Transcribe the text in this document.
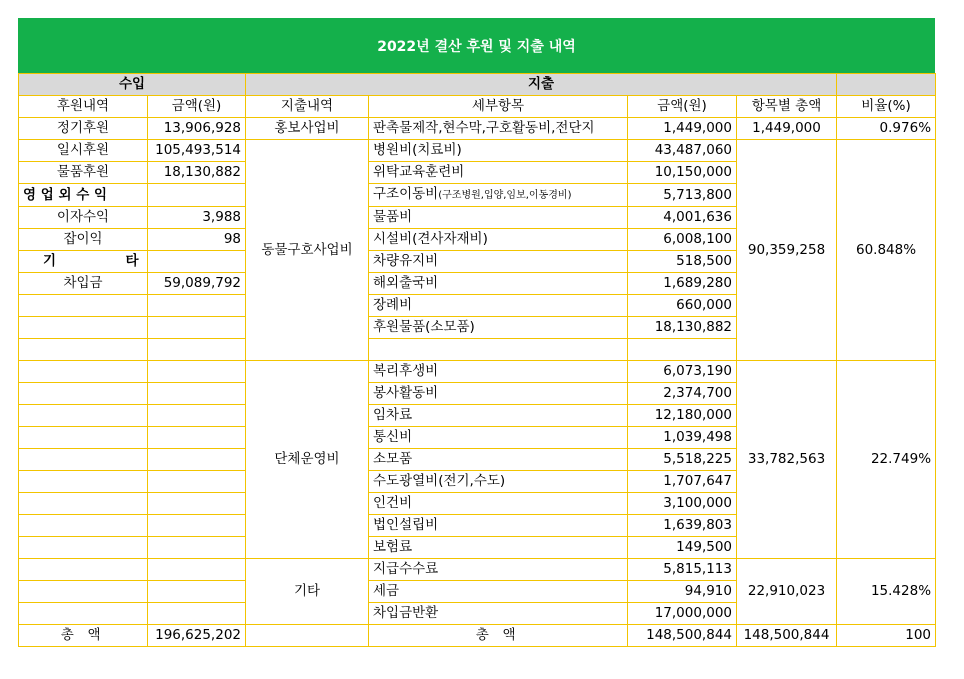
2022년 결산 후원 및 지출 내역
수입		지출				
후원내역	금액(원)	지출내역	세부항목	금액(원)	항목별 총액	비율(%)
정기후원	13,906,928	홍보사업비	판촉물제작,현수막,구호활동비,전단지	1,449,000	1,449,000	0.976%
일시후원	105,493,514	동물구호사업비	병원비(치료비)	43,487,060	90,359,258	60.848%
물품후원	18,130,882		위탁교육훈련비	10,150,000		
영 업 외 수 익			구조이동비(구조병원,입양,임보,이동경비)	5,713,800		
이자수익	3,988		물품비	4,001,636		
잡이익	98		시설비(견사자재비)	6,008,100		
기 타			차량유지비	518,500		
차입금	59,089,792		해외출국비	1,689,280		
			장례비	660,000		
			후원물품(소모품)	18,130,882		

		단체운영비	복리후생비	6,073,190	33,782,563	22.749%
			봉사활동비	2,374,700		
			임차료	12,180,000		
			통신비	1,039,498		
			소모품	5,518,225		
			수도광열비(전기,수도)	1,707,647		
			인건비	3,100,000		
			법인설립비	1,639,803		
			보험료	149,500		
		기타	지급수수료	5,815,113	22,910,023	15.428%
			세금	94,910		
			차입금반환	17,000,000		
총 액	196,625,202		총 액	148,500,844	148,500,844	100
